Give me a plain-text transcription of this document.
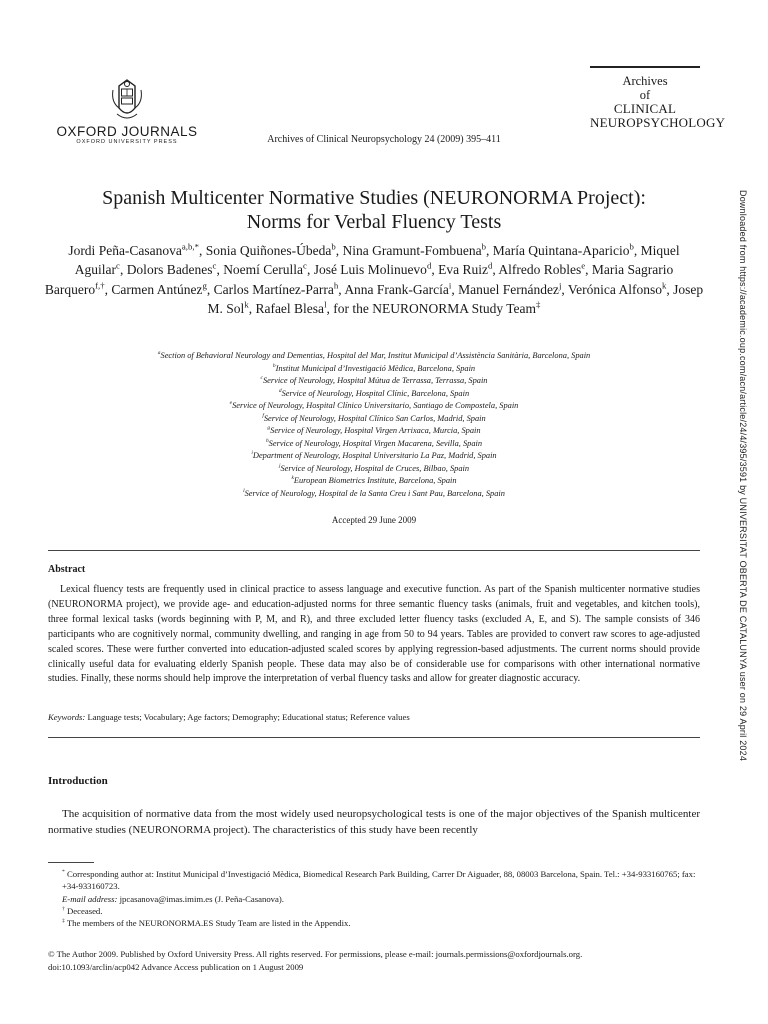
OXFORD JOURNALS
OXFORD UNIVERSITY PRESS	Archives of Clinical Neuropsychology 24 (2009) 395–411
Archives
of
CLINICAL
NEUROPSYCHOLOGY
Spanish Multicenter Normative Studies (NEURONORMA Project):
Norms for Verbal Fluency Tests
Jordi Peña-Casanova$^{a,b,*}$, Sonia Quiñones-Úbeda$^b$, Nina Gramunt-Fombuena$^b$, María Quintana-Aparicio$^b$, Miquel Aguilar$^c$, Dolors Badenes$^c$, Noemí Cerulla$^c$, José Luis Molinuevo$^d$, Eva Ruiz$^d$, Alfredo Robles$^e$, Maria Sagrario Barquero$^{f,\dagger}$, Carmen Antúnez$^g$, Carlos Martínez-Parra$^h$, Anna Frank-García$^i$, Manuel Fernández$^j$, Verónica Alfonso$^k$, Josep M. Sol$^k$, Rafael Blesa$^l$, for the NEURONORMA Study Team‡
$^a$Section of Behavioral Neurology and Dementias, Hospital del Mar, Institut Municipal d’Assistència Sanitària, Barcelona, Spain
$^b$Institut Municipal d’Investigació Mèdica, Barcelona, Spain
$^c$Service of Neurology, Hospital Mútua de Terrassa, Terrassa, Spain
$^d$Service of Neurology, Hospital Clínic, Barcelona, Spain
$^e$Service of Neurology, Hospital Clínico Universitario, Santiago de Compostela, Spain
$^f$Service of Neurology, Hospital Clínico San Carlos, Madrid, Spain
$^g$Service of Neurology, Hospital Virgen Arrixaca, Murcia, Spain
$^h$Service of Neurology, Hospital Virgen Macarena, Sevilla, Spain
$^i$Department of Neurology, Hospital Universitario La Paz, Madrid, Spain
$^j$Service of Neurology, Hospital de Cruces, Bilbao, Spain
$^k$European Biometrics Institute, Barcelona, Spain
$^l$Service of Neurology, Hospital de la Santa Creu i Sant Pau, Barcelona, Spain
Accepted 29 June 2009
Abstract
Lexical fluency tests are frequently used in clinical practice to assess language and executive function. As part of the Spanish multicenter normative studies (NEURONORMA project), we provide age- and education-adjusted norms for three semantic fluency tasks (animals, fruit and vegetables, and kitchen tools), three formal lexical tasks (words beginning with P, M, and R), and three excluded letter fluency tasks (excluded A, E, and S). The sample consists of 346 participants who are cognitively normal, community dwelling, and ranging in age from 50 to 94 years. Tables are provided to convert raw scores to age-adjusted scaled scores. These were further converted into education-adjusted scaled scores by applying regression-based adjustments. The current norms should provide clinically useful data for evaluating elderly Spanish people. These data may also be of considerable use for comparisons with other international normative studies. Finally, these norms should help improve the interpretation of verbal fluency tasks and allow for greater diagnostic accuracy.
Keywords: Language tests; Vocabulary; Age factors; Demography; Educational status; Reference values
Introduction
The acquisition of normative data from the most widely used neuropsychological tests is one of the major objectives of the Spanish multicenter normative studies (NEURONORMA project). The characteristics of this study have been recently

* Corresponding author at: Institut Municipal d’Investigació Mèdica, Biomedical Research Park Building, Carrer Dr Aiguader, 88, 08003 Barcelona, Spain. Tel.: +34-933160765; fax: +34-933160723.

E-mail address: jpcasanova@imas.imim.es (J. Peña-Casanova).

† Deceased.

‡ The members of the NEURONORMA.ES Study Team are listed in the Appendix.

© The Author 2009. Published by Oxford University Press. All rights reserved. For permissions, please e-mail: journals.permissions@oxfordjournals.org.
doi:10.1093/arclin/acp042 Advance Access publication on 1 August 2009
Downloaded from https://academic.oup.com/acn/article/24/4/395/3591 by UNIVERSITAT OBERTA DE CATALUNYA user on 29 April 2024
